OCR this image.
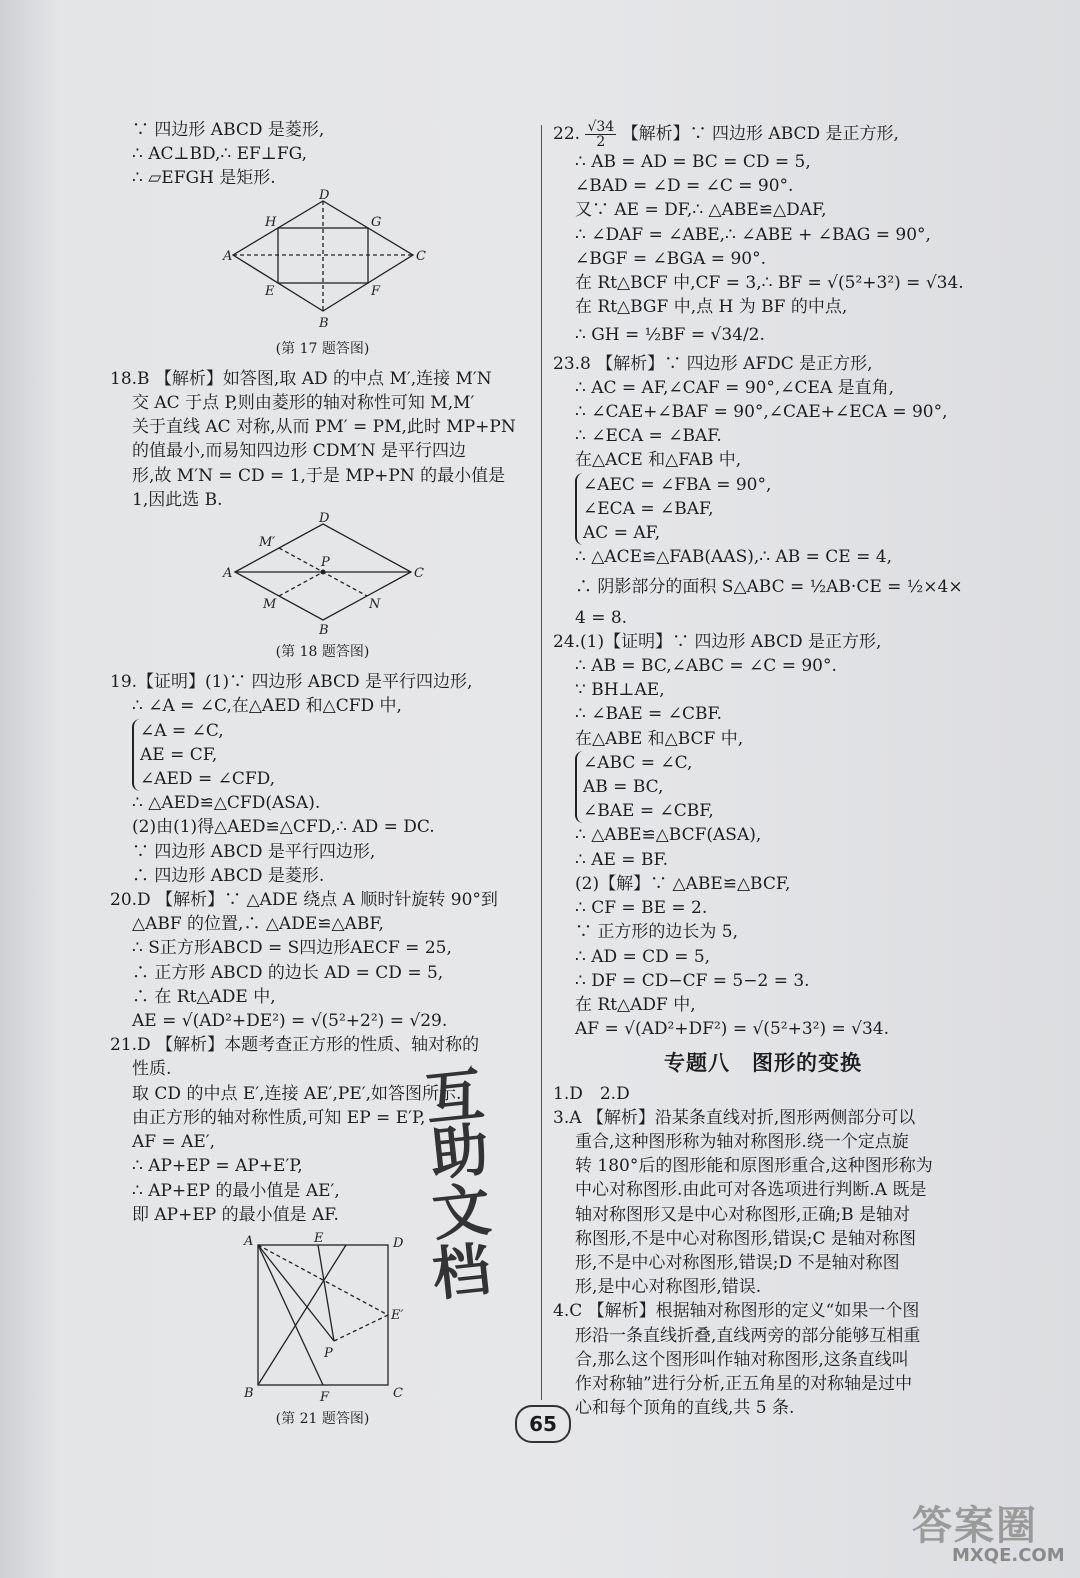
∵ 四边形 ABCD 是菱形,
∴ AC⊥BD,∴ EF⊥FG,
∴ ▱EFGH 是矩形.
A
D
C
B
H	G
E	F
(第 17 题答图)
18.B 【解析】如答图,取 AD 的中点 M′,连接 M′N
交 AC 于点 P,则由菱形的轴对称性可知 M,M′
关于直线 AC 对称,从而 PM′ = PM,此时 MP+PN
的值最小,而易知四边形 CDM′N 是平行四边
形,故 M′N = CD = 1,于是 MP+PN 的最小值是
1,因此选 B.
A
D
C
B
M′
M	N
P
(第 18 题答图)
19.【证明】(1)∵ 四边形 ABCD 是平行四边形,
∴ ∠A = ∠C,在△AED 和△CFD 中,
∠A = ∠C,
AE = CF,
∠AED = ∠CFD,
∴ △AED≌△CFD(ASA).
(2)由(1)得△AED≌△CFD,∴ AD = DC.
∵ 四边形 ABCD 是平行四边形,
∴ 四边形 ABCD 是菱形.
20.D 【解析】∵ △ADE 绕点 A 顺时针旋转 90°到
△ABF 的位置,∴ △ADE≌△ABF,
∴ S正方形ABCD = S四边形AECF = 25,
∴ 正方形 ABCD 的边长 AD = CD = 5,
∴ 在 Rt△ADE 中,
AE = √(AD²+DE²) = √(5²+2²) = √29.
21.D 【解析】本题考查正方形的性质、轴对称的
性质.
取 CD 的中点 E′,连接 AE′,PE′,如答图所示.
由正方形的轴对称性质,可知 EP = E′P,
AF = AE′,
∴ AP+EP = AP+E′P,
∴ AP+EP 的最小值是 AE′,
即 AP+EP 的最小值是 AF.
A	D
B	C
E
E′
F
P
(第 21 题答图)
22. $\frac{√34}{2}$ 【解析】∵ 四边形 ABCD 是正方形,
∴ AB = AD = BC = CD = 5,
∠BAD = ∠D = ∠C = 90°.
又∵ AE = DF,∴ △ABE≌△DAF,
∴ ∠DAF = ∠ABE,∴ ∠ABE + ∠BAG = 90°,
∠BGF = ∠BGA = 90°.
在 Rt△BCF 中,CF = 3,∴ BF = √(5²+3²) = √34.
在 Rt△BGF 中,点 H 为 BF 的中点,
∴ GH = ½BF = √34/2.
23.8 【解析】∵ 四边形 AFDC 是正方形,
∴ AC = AF,∠CAF = 90°,∠CEA 是直角,
∴ ∠CAE+∠BAF = 90°,∠CAE+∠ECA = 90°,
∴ ∠ECA = ∠BAF.
在△ACE 和△FAB 中,
∠AEC = ∠FBA = 90°,
∠ECA = ∠BAF,
AC = AF,
∴ △ACE≌△FAB(AAS),∴ AB = CE = 4,
∴ 阴影部分的面积 S△ABC = ½AB·CE = ½×4×
4 = 8.
24.(1)【证明】∵ 四边形 ABCD 是正方形,
∴ AB = BC,∠ABC = ∠C = 90°.
∵ BH⊥AE,
∴ ∠BAE = ∠CBF.
在△ABE 和△BCF 中,
∠ABC = ∠C,
AB = BC,
∠BAE = ∠CBF,
∴ △ABE≌△BCF(ASA),
∴ AE = BF.
(2)【解】∵ △ABE≌△BCF,
∴ CF = BE = 2.
∵ 正方形的边长为 5,
∴ AD = CD = 5,
∴ DF = CD−CF = 5−2 = 3.
在 Rt△ADF 中,
AF = √(AD²+DF²) = √(5²+3²) = √34.
专题八　图形的变换
1.D　2.D
3.A 【解析】沿某条直线对折,图形两侧部分可以
重合,这种图形称为轴对称图形.绕一个定点旋
转 180°后的图形能和原图形重合,这种图形称为
中心对称图形.由此可对各选项进行判断.A 既是
轴对称图形又是中心对称图形,正确;B 是轴对
称图形,不是中心对称图形,错误;C 是轴对称图
形,不是中心对称图形,错误;D 不是轴对称图
形,是中心对称图形,错误.
4.C 【解析】根据轴对称图形的定义“如果一个图
形沿一条直线折叠,直线两旁的部分能够互相重
合,那么这个图形叫作轴对称图形,这条直线叫
作对称轴”进行分析,正五角星的对称轴是过中
心和每个顶角的直线,共 5 条.
互
助
文
档
65
答案圈
MXQE.COM
